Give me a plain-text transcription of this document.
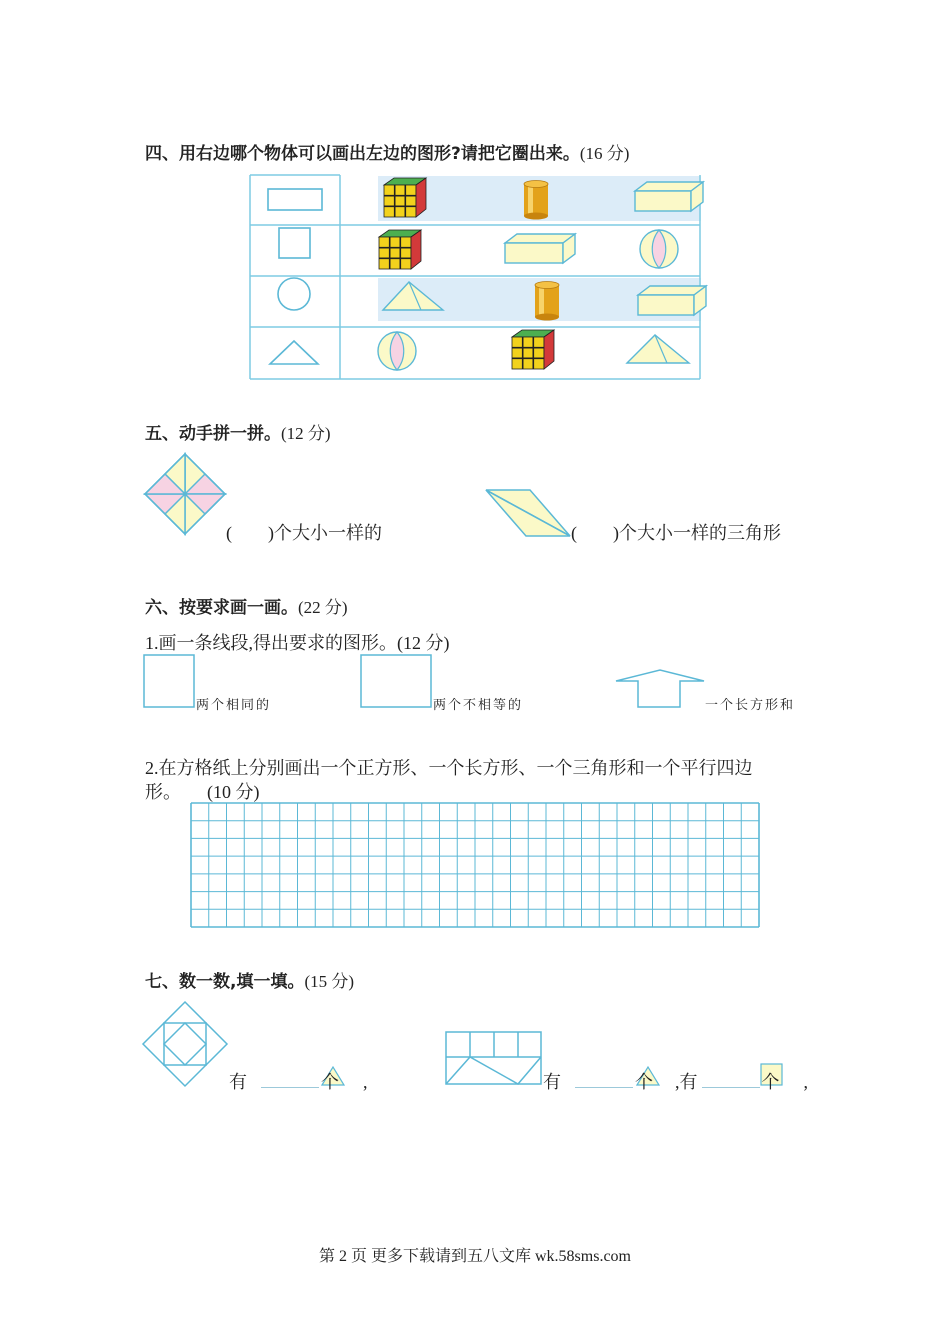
四、用右边哪个物体可以画出左边的图形?请把它圈出来。(16 分)
五、动手拼一拼。(12 分)
( )个大小一样的	( )个大小一样的三角形
六、按要求画一画。(22 分)
1.画一条线段,得出要求的图形。(12 分)
两个相同的	两个不相等的	一个长方形和
2.在方格纸上分别画出一个正方形、一个长方形、一个三角形和一个平行四边
形。 (10 分)
七、数一数,填一填。(15 分)
有	个 ,	有	个 ,有	个 ,
第 2 页 更多下载请到五八文库 wk.58sms.com
